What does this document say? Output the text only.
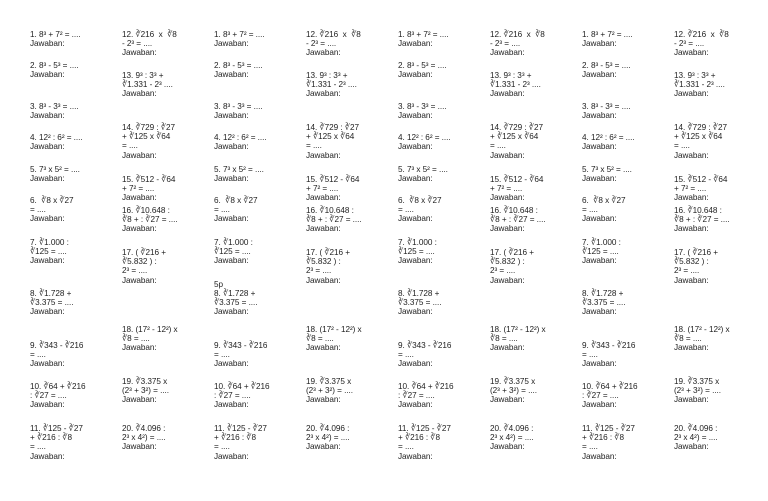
1. 8³ + 7² = ....
Jawaban:
2. 8³ - 5³ = ....
Jawaban:
3. 8³ - 3³ = ....
Jawaban:
4. 12² : 6² = ....
Jawaban:
5. 7³ x 5² = ....
Jawaban:
6.  ∛8 x ∛27
= ....
Jawaban:
7. ∛1.000 :
∛125 = ....
Jawaban:
8. ∛1.728 +
∛3.375 = ....
Jawaban:
9. ∛343 - ∛216
= ....
Jawaban:
10. ∛64 + ∛216
: ∛27 = ....
Jawaban:
11. ∛125 - ∛27
+ ∛216 : ∛8
= ....
Jawaban:
12. ∛216  x  ∛8
- 2³ = ....
Jawaban:
13. 9³ : 3³ +
∛1.331 - 2³ ....
Jawaban:
14. ∛729 : ∛27
+ ∛125 x ∛64
= ....
Jawaban:
15. ∛512 - ∛64
+ 7² = ....
Jawaban:
16. ∛10.648 :
∛8 + : ∛27 = ....
Jawaban:
17. ( ∛216 +
∛5.832 ) :
2³ = ....
Jawaban:
18. (17² - 12²) x
∛8 = ....
Jawaban:
19. ∛3.375 x
(2³ + 3²) = ....
Jawaban:
20. ∛4.096 :
2³ x 4²) = ....
Jawaban:
1. 8³ + 7² = ....
Jawaban:
2. 8³ - 5³ = ....
Jawaban:
3. 8³ - 3³ = ....
Jawaban:
4. 12² : 6² = ....
Jawaban:
5. 7³ x 5² = ....
Jawaban:
6.  ∛8 x ∛27
= ....
Jawaban:
7. ∛1.000 :
∛125 = ....
Jawaban:
8. ∛1.728 +
∛3.375 = ....
Jawaban:
9. ∛343 - ∛216
= ....
Jawaban:
10. ∛64 + ∛216
: ∛27 = ....
Jawaban:
11. ∛125 - ∛27
+ ∛216 : ∛8
= ....
Jawaban:
12. ∛216  x  ∛8
- 2³ = ....
Jawaban:
13. 9³ : 3³ +
∛1.331 - 2³ ....
Jawaban:
14. ∛729 : ∛27
+ ∛125 x ∛64
= ....
Jawaban:
15. ∛512 - ∛64
+ 7² = ....
Jawaban:
16. ∛10.648 :
∛8 + : ∛27 = ....
Jawaban:
17. ( ∛216 +
∛5.832 ) :
2³ = ....
Jawaban:
18. (17² - 12²) x
∛8 = ....
Jawaban:
19. ∛3.375 x
(2³ + 3²) = ....
Jawaban:
20. ∛4.096 :
2³ x 4²) = ....
Jawaban:
1. 8³ + 7² = ....
Jawaban:
2. 8³ - 5³ = ....
Jawaban:
3. 8³ - 3³ = ....
Jawaban:
4. 12² : 6² = ....
Jawaban:
5. 7³ x 5² = ....
Jawaban:
6.  ∛8 x ∛27
= ....
Jawaban:
7. ∛1.000 :
∛125 = ....
Jawaban:
8. ∛1.728 +
∛3.375 = ....
Jawaban:
9. ∛343 - ∛216
= ....
Jawaban:
10. ∛64 + ∛216
: ∛27 = ....
Jawaban:
11. ∛125 - ∛27
+ ∛216 : ∛8
= ....
Jawaban:
12. ∛216  x  ∛8
- 2³ = ....
Jawaban:
13. 9³ : 3³ +
∛1.331 - 2³ ....
Jawaban:
14. ∛729 : ∛27
+ ∛125 x ∛64
= ....
Jawaban:
15. ∛512 - ∛64
+ 7² = ....
Jawaban:
16. ∛10.648 :
∛8 + : ∛27 = ....
Jawaban:
17. ( ∛216 +
∛5.832 ) :
2³ = ....
Jawaban:
18. (17² - 12²) x
∛8 = ....
Jawaban:
19. ∛3.375 x
(2³ + 3²) = ....
Jawaban:
20. ∛4.096 :
2³ x 4²) = ....
Jawaban:
1. 8³ + 7² = ....
Jawaban:
2. 8³ - 5³ = ....
Jawaban:
3. 8³ - 3³ = ....
Jawaban:
4. 12² : 6² = ....
Jawaban:
5. 7³ x 5² = ....
Jawaban:
6.  ∛8 x ∛27
= ....
Jawaban:
7. ∛1.000 :
∛125 = ....
Jawaban:
8. ∛1.728 +
∛3.375 = ....
Jawaban:
9. ∛343 - ∛216
= ....
Jawaban:
10. ∛64 + ∛216
: ∛27 = ....
Jawaban:
11. ∛125 - ∛27
+ ∛216 : ∛8
= ....
Jawaban:
12. ∛216  x  ∛8
- 2³ = ....
Jawaban:
13. 9³ : 3³ +
∛1.331 - 2³ ....
Jawaban:
14. ∛729 : ∛27
+ ∛125 x ∛64
= ....
Jawaban:
15. ∛512 - ∛64
+ 7² = ....
Jawaban:
16. ∛10.648 :
∛8 + : ∛27 = ....
Jawaban:
17. ( ∛216 +
∛5.832 ) :
2³ = ....
Jawaban:
18. (17² - 12²) x
∛8 = ....
Jawaban:
19. ∛3.375 x
(2³ + 3²) = ....
Jawaban:
20. ∛4.096 :
2³ x 4²) = ....
Jawaban:
5p
